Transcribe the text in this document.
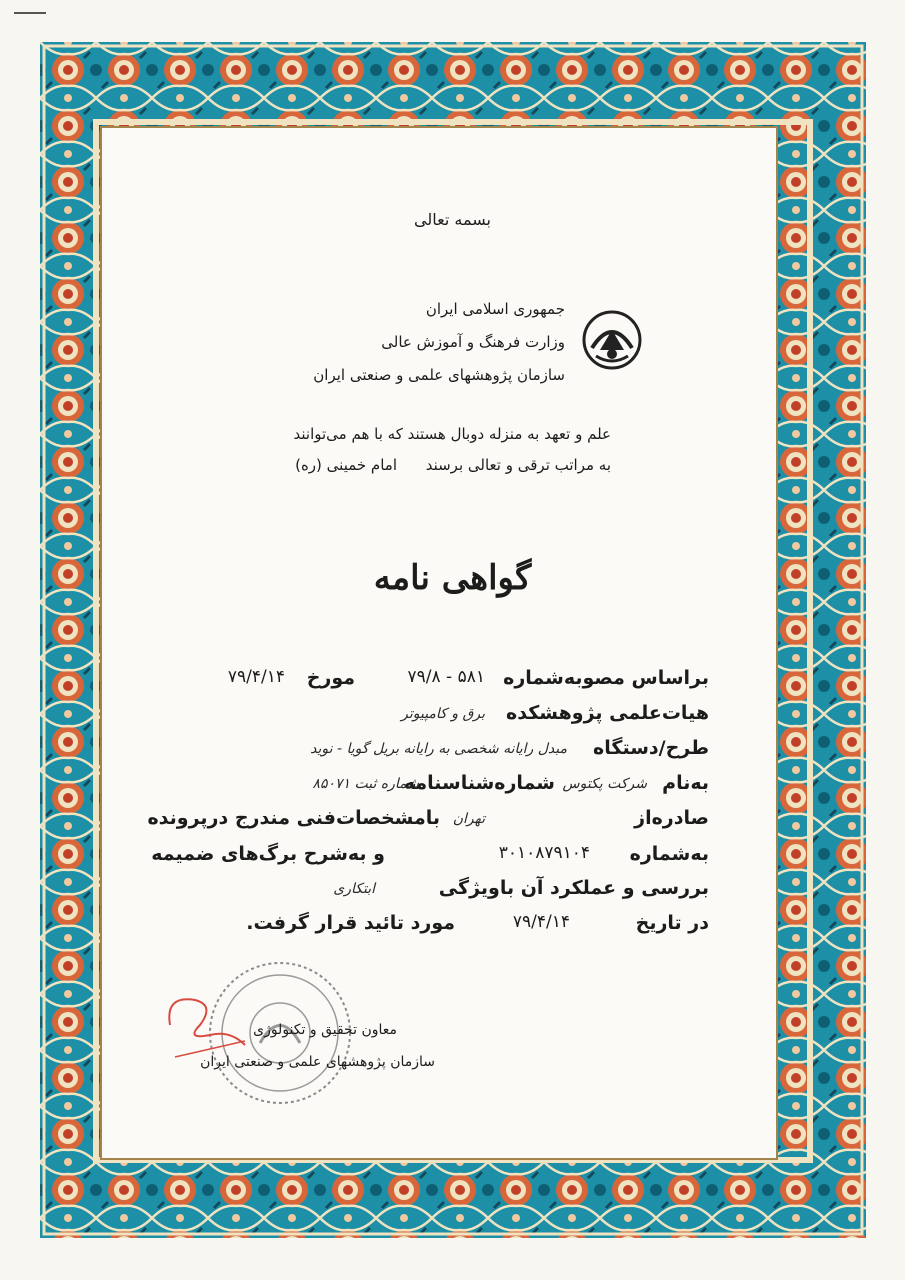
بسمه تعالی
جمهوری اسلامی ایران
وزارت فرهنگ و آموزش عالی
سازمان پژوهشهای علمی و صنعتی ایران
علم و تعهد به منزله دوبال هستند که با هم می‌توانند
به مراتب ترقی و تعالی برسند
امام خمینی (ره)
گواهی نامه
براساس مصوبه‌شماره
۵۸۱ - ۷۹/۸
مورخ
۷۹/۴/۱۴
هیات‌علمی پژوهشکده
برق و کامپیوتر
طرح/دستگاه
مبدل رایانه شخصی به رایانه بریل گویا - نوید
به‌نام
شرکت پکتوس
شماره‌شناسنامه
شماره ثبت ۸۵۰۷۱
صادره‌از
تهران
بامشخصات‌فنی مندرج درپرونده
به‌شماره
۳۰۱۰۸۷۹۱۰۴
و به‌شرح برگ‌های ضمیمه
بررسی و عملکرد آن باویژگی
ابتکاری
در تاریخ
۷۹/۴/۱۴
مورد تائید قرار گرفت.
معاون تحقیق و تکنولوژی
سازمان پژوهشهای علمی و صنعتی ایران
